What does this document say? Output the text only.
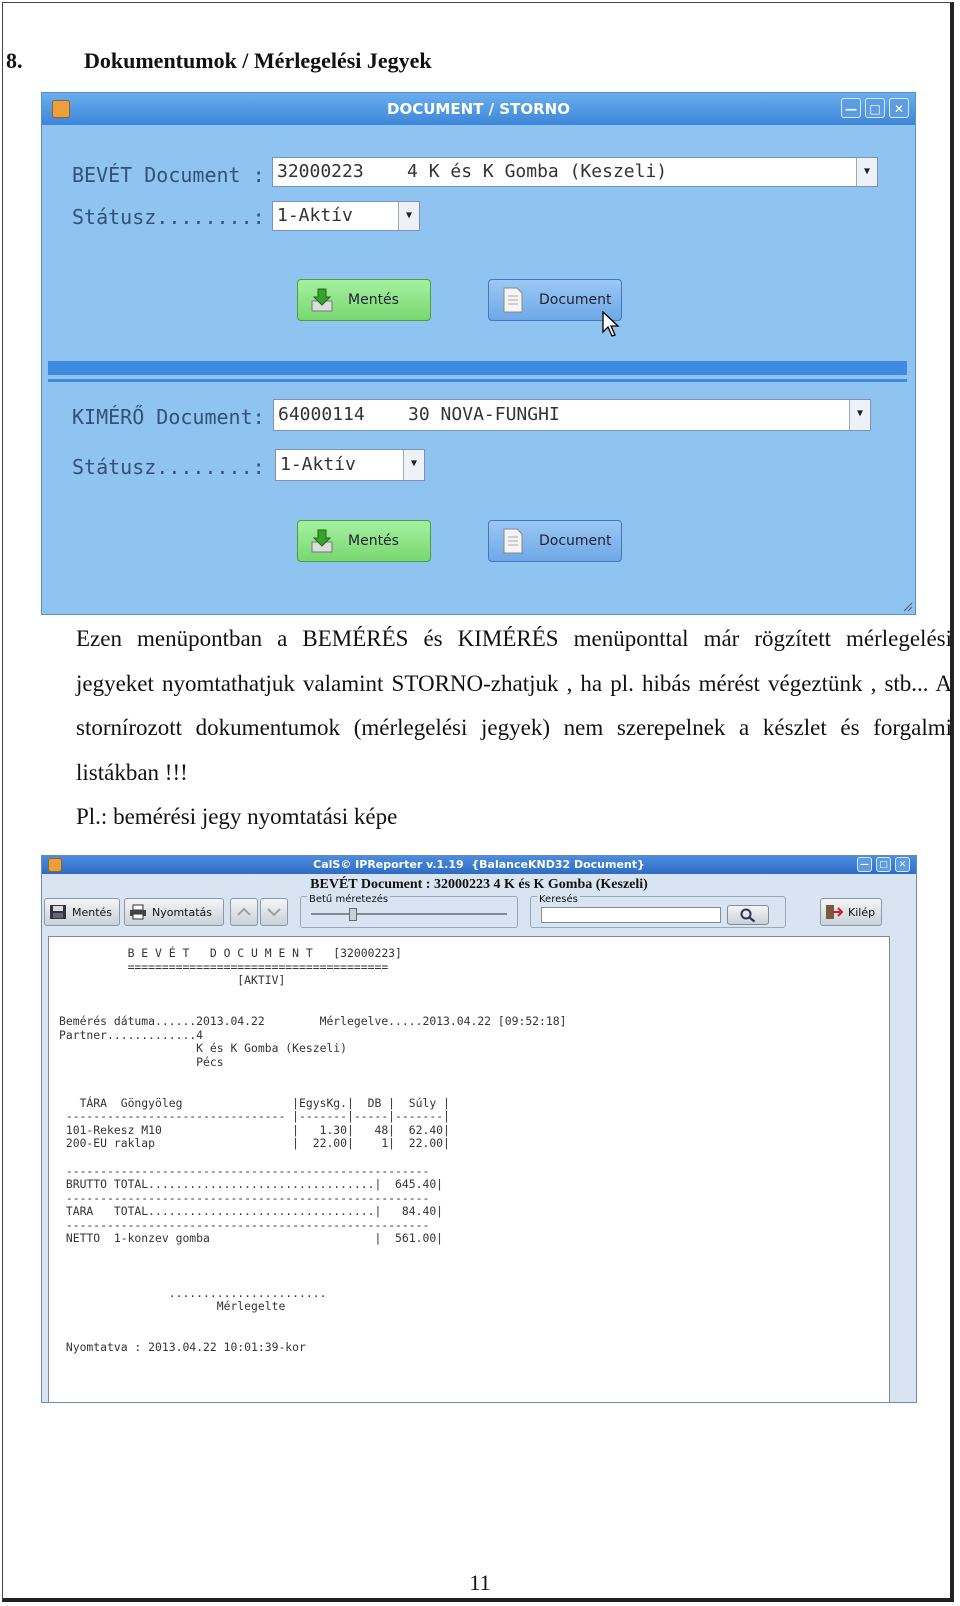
8.	Dokumentumok / Mérlegelési Jegyek
DOCUMENT / STORNO	—	□	✕
BEVÉT Document : 32000223    4 K és K Gomba (Keszeli)	▼
Státusz........: 1-Aktív	▼
Mentés	Document
KIMÉRŐ Document: 64000114    30 NOVA-FUNGHI	▼
Státusz........: 1-Aktív	▼
Mentés	Document

Ezen menüpontban a BEMÉRÉS és KIMÉRÉS menüponttal már rögzített mérlegelési jegyeket nyomtathatjuk valamint STORNO-zhatjuk , ha pl. hibás mérést végeztünk , stb... A stornírozott dokumentumok (mérlegelési jegyek) nem szerepelnek a készlet és forgalmi listákban !!!

Pl.: bemérési jegy nyomtatási képe

CalS© IPReporter v.1.19  {BalanceKND32 Document}	—	□	✕
BEVÉT Document : 32000223 4 K és K Gomba (Keszeli)
Mentés	Nyomtatás
Betű méretezés	Keresés
Kilép
B E V É T   D O C U M E N T   [32000223]
======================================
[AKTIV]

Bemérés dátuma......2013.04.22        Mérlegelve.....2013.04.22 [09:52:18]
Partner.............4
K és K Gomba (Keszeli)
Pécs

TÁRA  Göngyöleg                |EgysKg.|  DB |  Súly |
-------------------------------- |-------|-----|-------|
101-Rekesz M10                   |   1.30|   48|  62.40|
200-EU raklap                    |  22.00|    1|  22.00|

-----------------------------------------------------
BRUTTO TOTAL.................................|  645.40|
-----------------------------------------------------
TARA   TOTAL.................................|   84.40|
-----------------------------------------------------
NETTO  1-konzev gomba                        |  561.00|

.......................
Mérlegelte

Nyomtatva : 2013.04.22 10:01:39-kor
11
